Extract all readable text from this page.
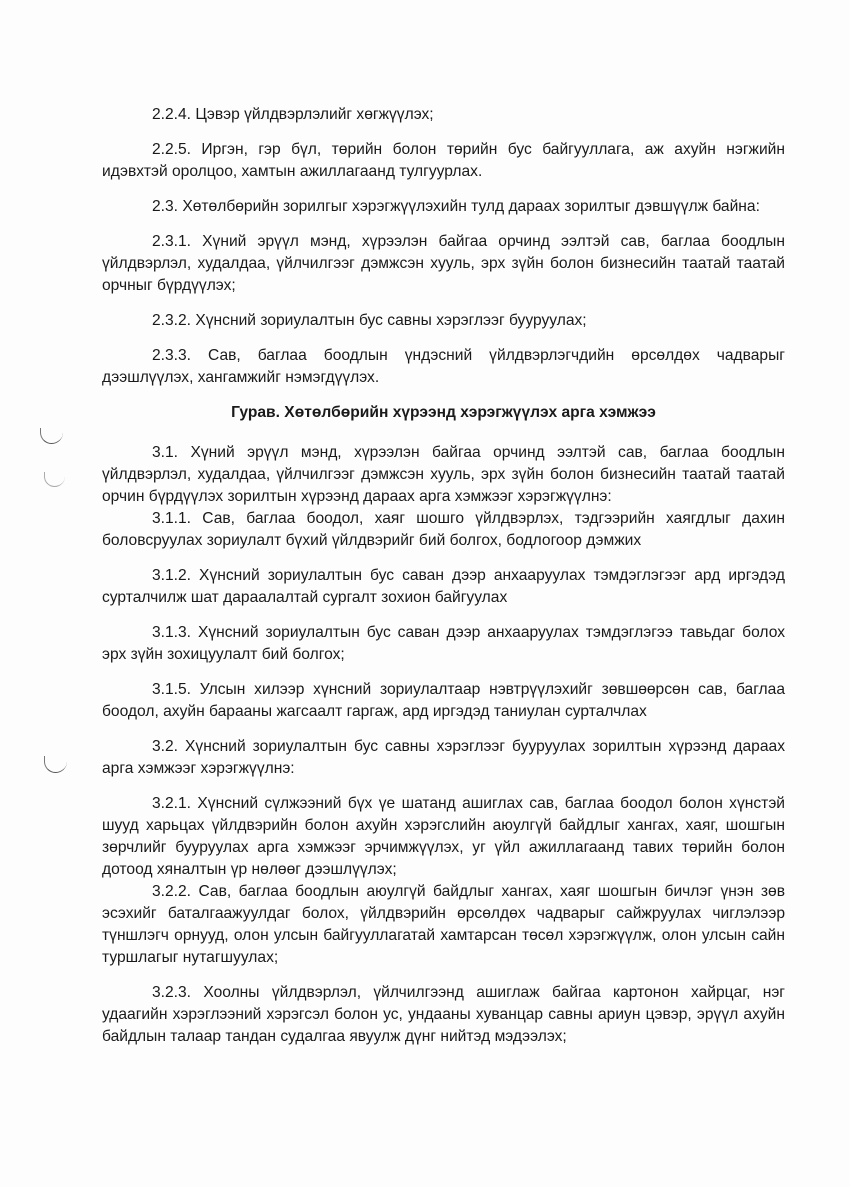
2.2.4. Цэвэр үйлдвэрлэлийг хөгжүүлэх;

2.2.5. Иргэн, гэр бүл, төрийн болон төрийн бус байгууллага, аж ахуйн нэгжийн идэвхтэй оролцоо, хамтын ажиллагаанд тулгуурлах.

2.3. Хөтөлбөрийн зорилгыг хэрэгжүүлэхийн тулд дараах зорилтыг дэвшүүлж байна:

2.3.1. Хүний эрүүл мэнд, хүрээлэн байгаа орчинд ээлтэй сав, баглаа боодлын үйлдвэрлэл, худалдаа, үйлчилгээг дэмжсэн хууль, эрх зүйн болон бизнесийн таатай таатай орчныг бүрдүүлэх;

2.3.2. Хүнсний зориулалтын бус савны хэрэглээг бууруулах;

2.3.3. Сав, баглаа боодлын үндэсний үйлдвэрлэгчдийн өрсөлдөх чадварыг дээшлүүлэх, хангамжийг нэмэгдүүлэх.

Гурав. Хөтөлбөрийн хүрээнд хэрэгжүүлэх арга хэмжээ

3.1. Хүний эрүүл мэнд, хүрээлэн байгаа орчинд ээлтэй сав, баглаа боодлын үйлдвэрлэл, худалдаа, үйлчилгээг дэмжсэн хууль, эрх зүйн болон бизнесийн таатай таатай орчин бүрдүүлэх зорилтын хүрээнд дараах арга хэмжээг хэрэгжүүлнэ:

3.1.1. Сав, баглаа боодол, хаяг шошго үйлдвэрлэх, тэдгээрийн хаягдлыг дахин боловсруулах зориулалт бүхий үйлдвэрийг бий болгох, бодлогоор дэмжих

3.1.2. Хүнсний зориулалтын бус саван дээр анхааруулах тэмдэглэгээг ард иргэдэд сурталчилж шат дараалалтай сургалт зохион байгуулах

3.1.3. Хүнсний зориулалтын бус саван дээр анхааруулах тэмдэглэгээ тавьдаг болох эрх зүйн зохицуулалт бий болгох;

3.1.5. Улсын хилээр хүнсний зориулалтаар нэвтрүүлэхийг зөвшөөрсөн сав, баглаа боодол, ахуйн барааны жагсаалт гаргаж, ард иргэдэд таниулан сурталчлах

3.2. Хүнсний зориулалтын бус савны хэрэглээг бууруулах зорилтын хүрээнд дараах арга хэмжээг хэрэгжүүлнэ:

3.2.1. Хүнсний сүлжээний бүх үе шатанд ашиглах сав, баглаа боодол болон хүнстэй шууд харьцах үйлдвэрийн болон ахуйн хэрэгслийн аюулгүй байдлыг хангах, хаяг, шошгын зөрчлийг бууруулах арга хэмжээг эрчимжүүлэх, уг үйл ажиллагаанд тавих төрийн болон дотоод хяналтын үр нөлөөг дээшлүүлэх;

3.2.2. Сав, баглаа боодлын аюулгүй байдлыг хангах, хаяг шошгын бичлэг үнэн зөв эсэхийг баталгаажуулдаг болох, үйлдвэрийн өрсөлдөх чадварыг сайжруулах чиглэлээр түншлэгч орнууд, олон улсын байгууллагатай хамтарсан төсөл хэрэгжүүлж, олон улсын сайн туршлагыг нутагшуулах;

3.2.3. Хоолны үйлдвэрлэл, үйлчилгээнд ашиглаж байгаа картонон хайрцаг, нэг удаагийн хэрэглээний хэрэгсэл болон ус, ундааны хуванцар савны ариун цэвэр, эрүүл ахуйн байдлын талаар тандан судалгаа явуулж дүнг нийтэд мэдээлэх;
